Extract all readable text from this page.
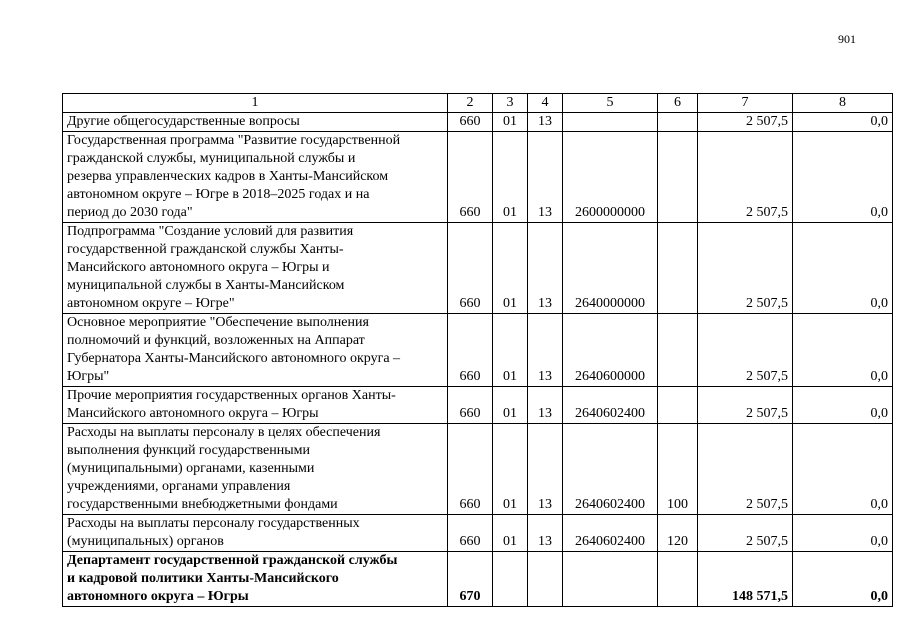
901
1	2	3	4	5	6	7	8

Другие общегосударственные вопросы	660	01	13			2 507,5	0,0

Государственная программа "Развитие государственной
гражданской службы, муниципальной службы и
резерва управленческих кадров в Ханты-Мансийском
автономном округе – Югре в 2018–2025 годах и на
период до 2030 года"	660	01	13	2600000000		2 507,5	0,0

Подпрограмма "Создание условий для развития
государственной гражданской службы Ханты-
Мансийского автономного округа – Югры и
муниципальной службы в Ханты-Мансийском
автономном округе – Югре"	660	01	13	2640000000		2 507,5	0,0

Основное мероприятие "Обеспечение выполнения
полномочий и функций, возложенных на Аппарат
Губернатора Ханты-Мансийского автономного округа –
Югры"	660	01	13	2640600000		2 507,5	0,0

Прочие мероприятия государственных органов Ханты-
Мансийского автономного округа – Югры	660	01	13	2640602400		2 507,5	0,0

Расходы на выплаты персоналу в целях обеспечения
выполнения функций государственными
(муниципальными) органами, казенными
учреждениями, органами управления
государственными внебюджетными фондами	660	01	13	2640602400	100	2 507,5	0,0

Расходы на выплаты персоналу государственных
(муниципальных) органов	660	01	13	2640602400	120	2 507,5	0,0

Департамент государственной гражданской службы
и кадровой политики Ханты-Мансийского
автономного округа – Югры	670					148 571,5	0,0
